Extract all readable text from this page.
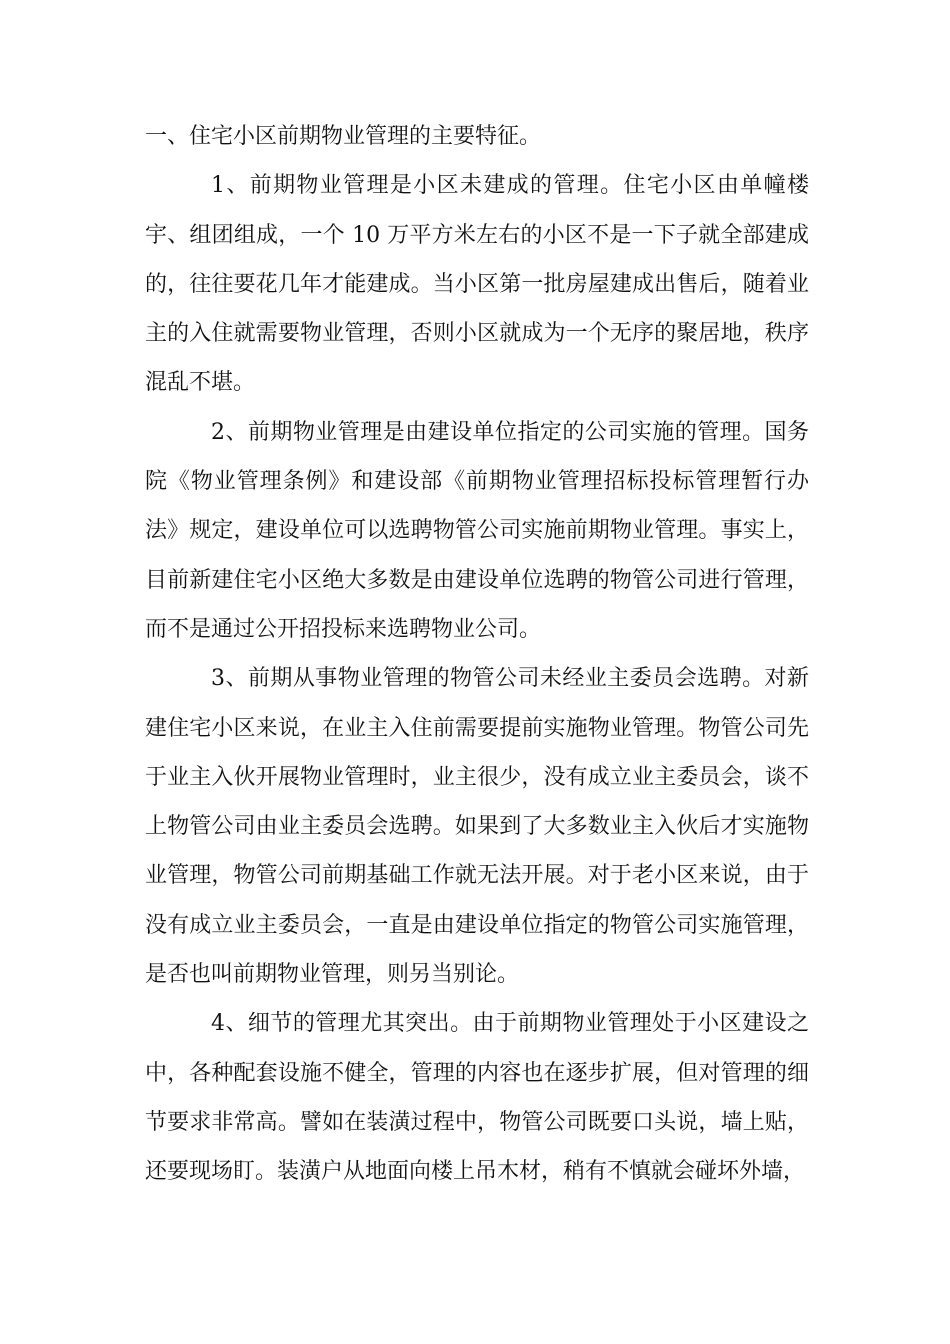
一、住宅小区前期物业管理的主要特征。

1、前期物业管理是小区未建成的管理。住宅小区由单幢楼宇、组团组成，一个 10 万平方米左右的小区不是一下子就全部建成的，往往要花几年才能建成。当小区第一批房屋建成出售后，随着业主的入住就需要物业管理，否则小区就成为一个无序的聚居地，秩序混乱不堪。

2、前期物业管理是由建设单位指定的公司实施的管理。国务院《物业管理条例》和建设部《前期物业管理招标投标管理暂行办法》规定，建设单位可以选聘物管公司实施前期物业管理。事实上，目前新建住宅小区绝大多数是由建设单位选聘的物管公司进行管理，而不是通过公开招投标来选聘物业公司。

3、前期从事物业管理的物管公司未经业主委员会选聘。对新建住宅小区来说，在业主入住前需要提前实施物业管理。物管公司先于业主入伙开展物业管理时，业主很少，没有成立业主委员会，谈不上物管公司由业主委员会选聘。如果到了大多数业主入伙后才实施物业管理，物管公司前期基础工作就无法开展。对于老小区来说，由于没有成立业主委员会，一直是由建设单位指定的物管公司实施管理，是否也叫前期物业管理，则另当别论。

4、细节的管理尤其突出。由于前期物业管理处于小区建设之中，各种配套设施不健全，管理的内容也在逐步扩展，但对管理的细节要求非常高。譬如在装潢过程中，物管公司既要口头说，墙上贴，还要现场盯。装潢户从地面向楼上吊木材，稍有不慎就会碰坏外墙，
